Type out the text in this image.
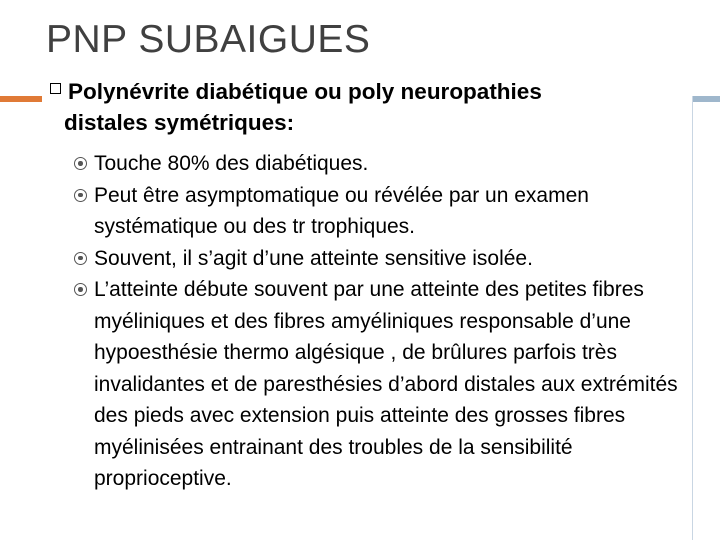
PNP SUBAIGUES
Polynévrite diabétique ou poly neuropathies
distales symétriques:
Touche 80% des diabétiques.
Peut être asymptomatique ou révélée par un examen systématique ou des tr trophiques.
Souvent, il s’agit d’une atteinte sensitive isolée.
L’atteinte débute souvent par une atteinte des petites fibres myéliniques et des fibres amyéliniques responsable d’une hypoesthésie thermo algésique , de brûlures parfois très invalidantes et de paresthésies d’abord distales aux extrémités des pieds avec extension puis atteinte des grosses fibres myélinisées entrainant des troubles de la sensibilité proprioceptive.
